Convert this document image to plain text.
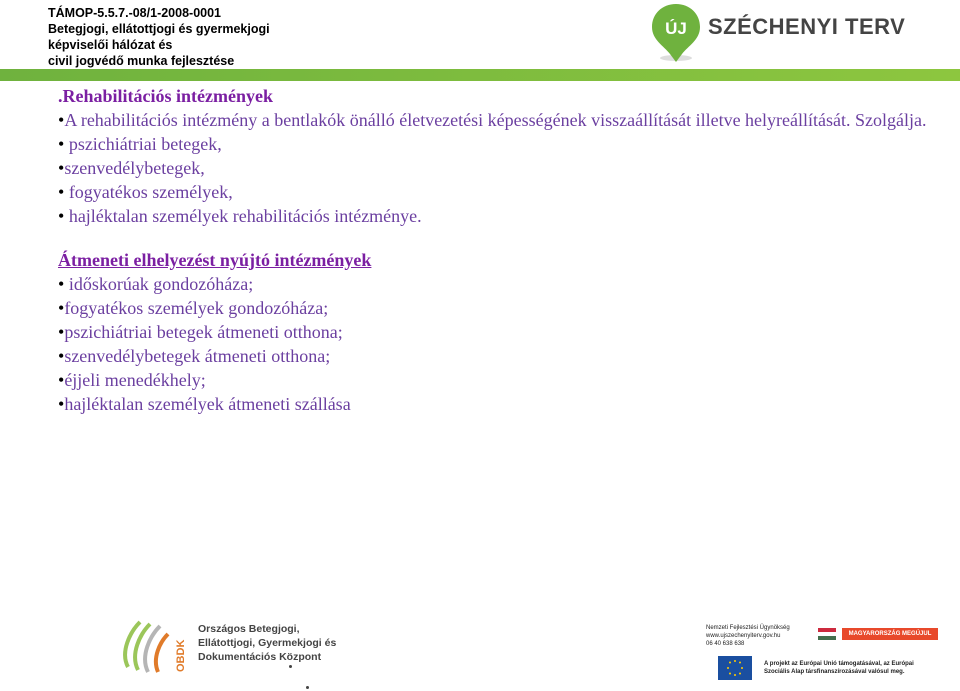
TÁMOP-5.5.7.-08/1-2008-0001
Betegjogi, ellátottjogi és gyermekjogi
képviselői hálózat és
civil jogvédő munka fejlesztése
ÚJ SZÉCHENYI TERV
.Rehabilitációs intézmények
•A rehabilitációs intézmény a bentlakók önálló életvezetési képességének visszaállítását illetve helyreállítását. Szolgálja.
• pszichiátriai betegek,
•szenvedélybetegek,
• fogyatékos személyek,
• hajléktalan személyek rehabilitációs intézménye.
Átmeneti elhelyezést nyújtó intézmények
• időskorúak gondozóháza;
•fogyatékos személyek gondozóháza;
•pszichiátriai betegek átmeneti otthona;
•szenvedélybetegek átmeneti otthona;
•éjjeli menedékhely;
•hajléktalan személyek átmeneti szállása
OBDK
Országos Betegjogi,
Ellátottjogi, Gyermekjogi és
Dokumentációs Központ
Nemzeti Fejlesztési Ügynökség
www.ujszechenyiterv.gov.hu
06 40 638 638
MAGYARORSZÁG MEGÚJUL
A projekt az Európai Unió támogatásával, az Európai
Szociális Alap társfinanszírozásával valósul meg.
